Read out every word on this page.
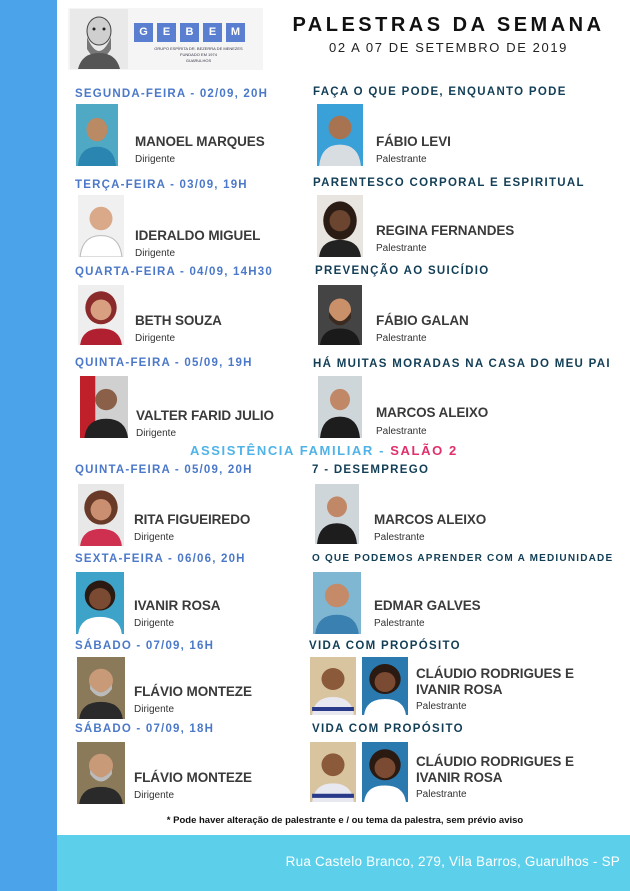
G	E	B	E	M
GRUPO ESPÍRITA DR. BEZERRA DE MENEZES
FUNDADO EM 1974
GUARULHOS
PALESTRAS DA SEMANA
02 A 07 DE SETEMBRO DE 2019
SEGUNDA-FEIRA - 02/09, 20H	FAÇA O QUE PODE, ENQUANTO PODE
MANOEL MARQUES
Dirigente
FÁBIO LEVI
Palestrante
TERÇA-FEIRA - 03/09, 19H	PARENTESCO CORPORAL E ESPIRITUAL
IDERALDO MIGUEL
Dirigente
REGINA FERNANDES
Palestrante
QUARTA-FEIRA - 04/09, 14H30	PREVENÇÃO AO SUICÍDIO
BETH SOUZA
Dirigente
FÁBIO GALAN
Palestrante
QUINTA-FEIRA - 05/09, 19H	HÁ MUITAS MORADAS NA CASA DO MEU PAI
VALTER FARID JULIO
Dirigente
MARCOS ALEIXO
Palestrante
ASSISTÊNCIA FAMILIAR - SALÃO 2
QUINTA-FEIRA - 05/09, 20H	7 - DESEMPREGO
RITA FIGUEIREDO
Dirigente
MARCOS ALEIXO
Palestrante
SEXTA-FEIRA - 06/06, 20H	O QUE PODEMOS APRENDER COM A MEDIUNIDADE
IVANIR ROSA
Dirigente
EDMAR GALVES
Palestrante
SÁBADO - 07/09, 16H	VIDA COM PROPÓSITO
FLÁVIO MONTEZE
Dirigente
CLÁUDIO RODRIGUES E
IVANIR ROSA
Palestrante
SÁBADO - 07/09, 18H	VIDA COM PROPÓSITO
FLÁVIO MONTEZE
Dirigente
CLÁUDIO RODRIGUES E
IVANIR ROSA
Palestrante
* Pode haver alteração de palestrante e / ou tema da palestra, sem prévio aviso
Rua Castelo Branco, 279, Vila Barros, Guarulhos - SP
